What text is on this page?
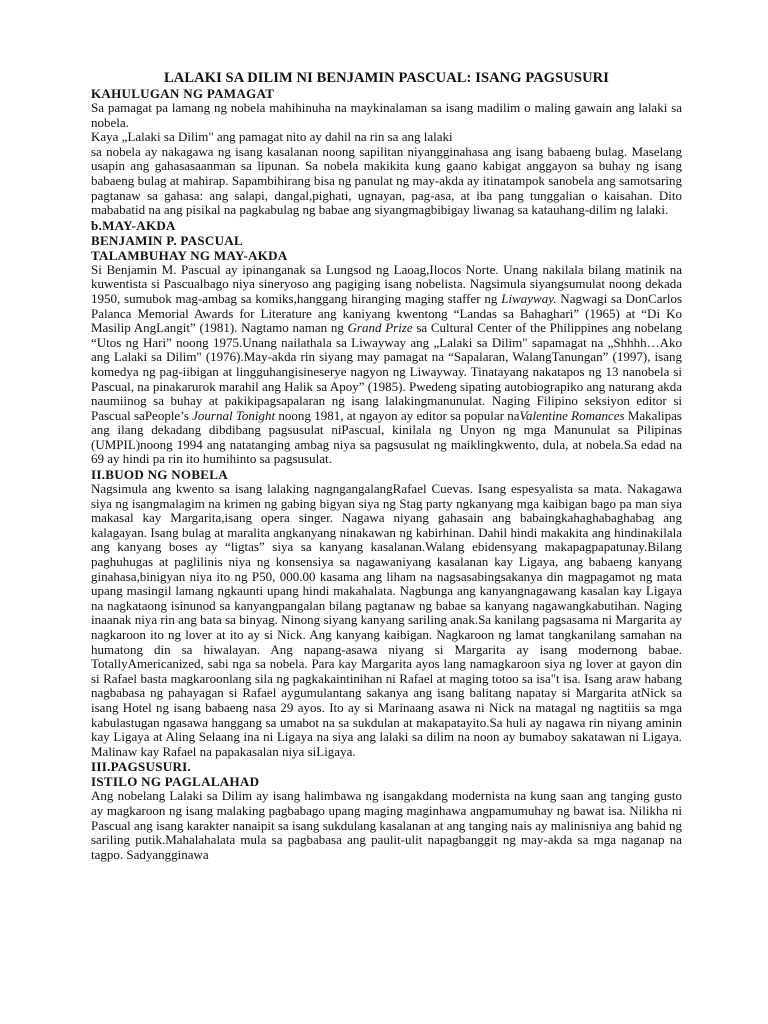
LALAKI SA DILIM NI BENJAMIN PASCUAL: ISANG PAGSUSURI
KAHULUGAN NG PAMAGAT

Sa pamagat pa lamang ng nobela mahihinuha na maykinalaman sa isang madilim o maling gawain ang lalaki sa nobela.

Kaya „Lalaki sa Dilim" ang pamagat nito ay dahil na rin sa ang lalaki

sa nobela ay nakagawa ng isang kasalanan noong sapilitan niyangginahasa ang isang babaeng bulag. Maselang usapin ang gahasasaanman sa lipunan. Sa nobela makikita kung gaano kabigat anggayon sa buhay ng isang babaeng bulag at mahirap. Sapambihirang bisa ng panulat ng may-akda ay itinatampok sanobela ang samotsaring pagtanaw sa gahasa: ang salapi, dangal,pighati, ugnayan, pag-asa, at iba pang tunggalian o kaisahan. Dito mababatid na ang pisikal na pagkabulag ng babae ang siyangmagbibigay liwanag sa katauhang-dilim ng lalaki.

b.MAY-AKDA
BENJAMIN P. PASCUAL
TALAMBUHAY NG MAY-AKDA

Si Benjamin M. Pascual ay ipinanganak sa Lungsod ng Laoag,Ilocos Norte. Unang nakilala bilang matinik na kuwentista si Pascualbago niya sineryoso ang pagiging isang nobelista. Nagsimula siyangsumulat noong dekada 1950, sumubok mag-ambag sa komiks,hanggang hiranging maging staffer ng Liwayway. Nagwagi sa DonCarlos Palanca Memorial Awards for Literature ang kaniyang kwentong “Landas sa Bahaghari” (1965) at “Di Ko Masilip AngLangit” (1981). Nagtamo naman ng Grand Prize sa Cultural Center of the Philippines ang nobelang “Utos ng Hari” noong 1975.Unang nailathala sa Liwayway ang „Lalaki sa Dilim" sapamagat na „Shhhh…Ako ang Lalaki sa Dilim" (1976).May-akda rin siyang may pamagat na “Sapalaran, WalangTanungan” (1997), isang komedya ng pag-iibigan at lingguhangisineserye nagyon ng Liwayway. Tinatayang nakatapos ng 13 nanobela si Pascual, na pinakarurok marahil ang Halik sa Apoy” (1985). Pwedeng sipating autobiograpiko ang naturang akda naumiinog sa buhay at pakikipagsapalaran ng isang lalakingmanunulat. Naging Filipino seksiyon editor si Pascual saPeople’s Journal Tonight noong 1981, at ngayon ay editor sa popular naValentine Romances Makalipas ang ilang dekadang dibdibang pagsusulat niPascual, kinilala ng Unyon ng mga Manunulat sa Pilipinas (UMPIL)noong 1994 ang natatanging ambag niya sa pagsusulat ng maiklingkwento, dula, at nobela.Sa edad na 69 ay hindi pa rin ito humihinto sa pagsusulat.

II.BUOD NG NOBELA

Nagsimula ang kwento sa isang lalaking nagngangalangRafael Cuevas. Isang espesyalista sa mata. Nakagawa siya ng isangmalagim na krimen ng gabing bigyan siya ng Stag party ngkanyang mga kaibigan bago pa man siya makasal kay Margarita,isang opera singer. Nagawa niyang gahasain ang babaingkahaghabaghabag ang kalagayan. Isang bulag at maralita angkanyang ninakawan ng kabirhinan. Dahil hindi makakita ang hindinakilala ang kanyang boses ay “ligtas” siya sa kanyang kasalanan.Walang ebidensyang makapagpapatunay.Bilang paghuhugas at paglilinis niya ng konsensiya sa nagawaniyang kasalanan kay Ligaya, ang babaeng kanyang ginahasa,binigyan niya ito ng P50, 000.00 kasama ang liham na nagsasabingsakanya din magpagamot ng mata upang masingil lamang ngkaunti upang hindi makahalata. Nagbunga ang kanyangnagawang kasalan kay Ligaya na nagkataong isinunod sa kanyangpangalan bilang pagtanaw ng babae sa kanyang nagawangkabutihan. Naging inaanak niya rin ang bata sa binyag. Ninong siyang kanyang sariling anak.Sa kanilang pagsasama ni Margarita ay nagkaroon ito ng lover at ito ay si Nick. Ang kanyang kaibigan. Nagkaroon ng lamat tangkanilang samahan na humatong din sa hiwalayan. Ang napang-asawa niyang si Margarita ay isang modernong babae. TotallyAmericanized, sabi nga sa nobela. Para kay Margarita ayos lang namagkaroon siya ng lover at gayon din si Rafael basta magkaroonlang sila ng pagkakaintinihan ni Rafael at maging totoo sa isa"t isa. Isang araw habang nagbabasa ng pahayagan si Rafael aygumulantang sakanya ang isang balitang napatay si Margarita atNick sa isang Hotel ng isang babaeng nasa 29 ayos. Ito ay si Marinaang asawa ni Nick na matagal ng nagtitiis sa mga kabulastugan ngasawa hanggang sa umabot na sa sukdulan at makapatayito.Sa huli ay nagawa rin niyang aminin kay Ligaya at Aling Selaang ina ni Ligaya na siya ang lalaki sa dilim na noon ay bumaboy sakatawan ni Ligaya. Malinaw kay Rafael na papakasalan niya siLigaya.

III.PAGSUSURI.
ISTILO NG PAGLALAHAD

Ang nobelang Lalaki sa Dilim ay isang halimbawa ng isangakdang modernista na kung saan ang tanging gusto ay magkaroon ng isang malaking pagbabago upang maging maginhawa angpamumuhay ng bawat isa. Nilikha ni Pascual ang isang karakter nanaipit sa isang sukdulang kasalanan at ang tanging nais ay malinisniya ang bahid ng sariling putik.Mahalahalata mula sa pagbabasa ang paulit-ulit napagbanggit ng may-akda sa mga naganap na tagpo. Sadyangginawa
